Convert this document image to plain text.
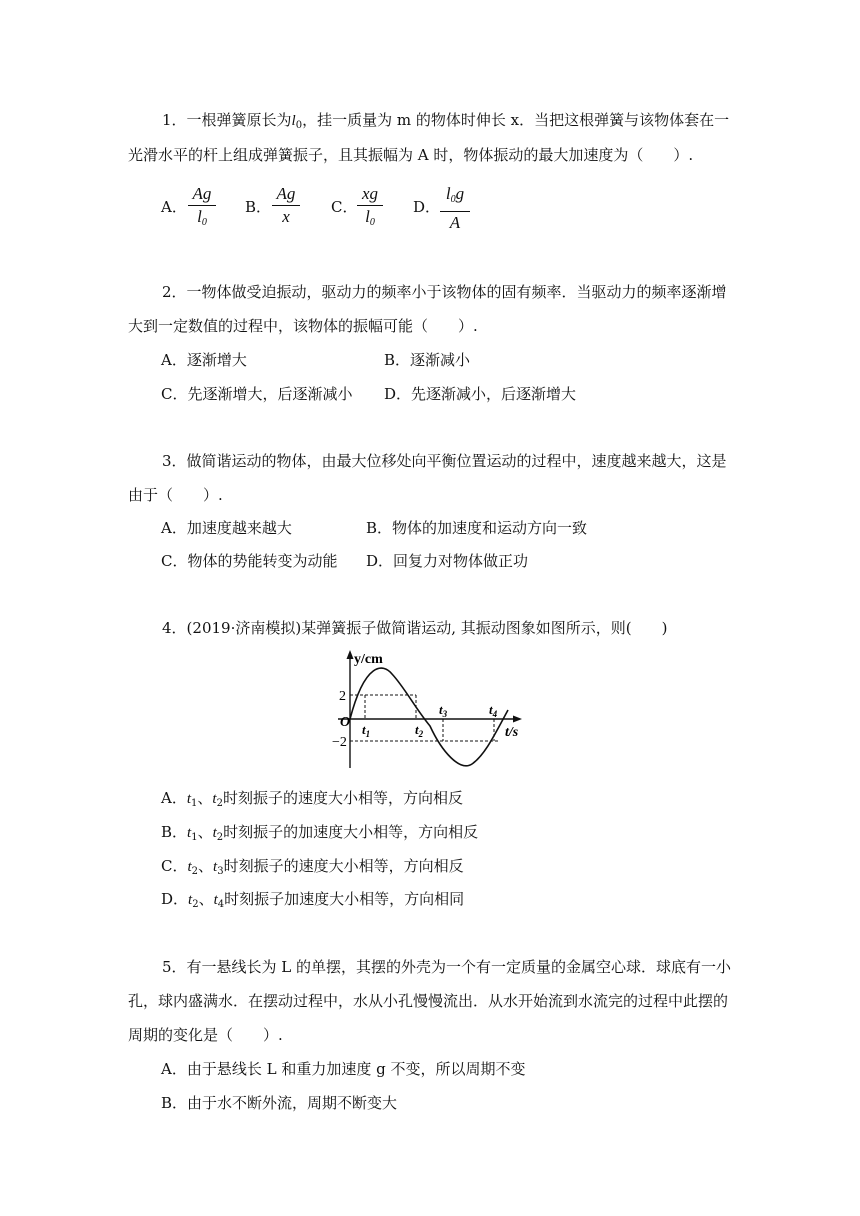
1．一根弹簧原长为$l_0$，挂一质量为 m 的物体时伸长 x．当把这根弹簧与该物体套在一
光滑水平的杆上组成弹簧振子，且其振幅为 A 时，物体振动的最大加速度为（　　）.
A．
Ag
$l_0$
B．
Ag
x	C．
xg
$l_0$
D．
$l_0g$
A
2．一物体做受迫振动，驱动力的频率小于该物体的固有频率．当驱动力的频率逐渐增
大到一定数值的过程中，该物体的振幅可能（　　）.
A．逐渐增大	B．逐渐减小
C．先逐渐增大，后逐渐减小 D．先逐渐减小，后逐渐增大
3．做简谐运动的物体，由最大位移处向平衡位置运动的过程中，速度越来越大，这是
由于（　　）.
A．加速度越来越大	B．物体的加速度和运动方向一致
C．物体的势能转变为动能 D．回复力对物体做正功
4．(2019·济南模拟)某弹簧振子做简谐运动, 其振动图象如图所示，则(　　)
y/cm
t/s
O
2
−2
$t_1$	$t_2$
$t_3$	$t_4$
A．$t_1$、$t_2$时刻振子的速度大小相等，方向相反
B．$t_1$、$t_2$时刻振子的加速度大小相等，方向相反
C．$t_2$、$t_3$时刻振子的速度大小相等，方向相反
D．$t_2$、$t_4$时刻振子加速度大小相等，方向相同
5．有一悬线长为 L 的单摆，其摆的外壳为一个有一定质量的金属空心球．球底有一小
孔，球内盛满水．在摆动过程中，水从小孔慢慢流出．从水开始流到水流完的过程中此摆的
周期的变化是（　　）.
A．由于悬线长 L 和重力加速度 g 不变，所以周期不变
B．由于水不断外流，周期不断变大
